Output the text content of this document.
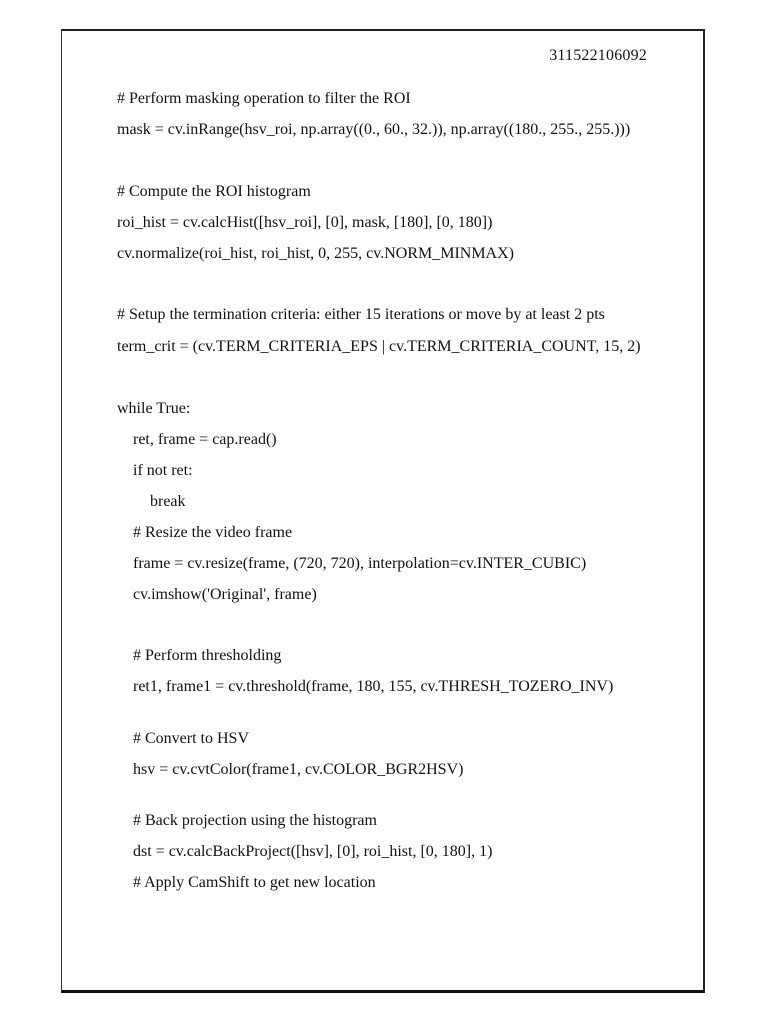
311522106092
# Perform masking operation to filter the ROI
mask = cv.inRange(hsv_roi, np.array((0., 60., 32.)), np.array((180., 255., 255.)))
# Compute the ROI histogram
roi_hist = cv.calcHist([hsv_roi], [0], mask, [180], [0, 180])
cv.normalize(roi_hist, roi_hist, 0, 255, cv.NORM_MINMAX)
# Setup the termination criteria: either 15 iterations or move by at least 2 pts
term_crit = (cv.TERM_CRITERIA_EPS | cv.TERM_CRITERIA_COUNT, 15, 2)
while True:
ret, frame = cap.read()
if not ret:
break
# Resize the video frame
frame = cv.resize(frame, (720, 720), interpolation=cv.INTER_CUBIC)
cv.imshow('Original', frame)
# Perform thresholding
ret1, frame1 = cv.threshold(frame, 180, 155, cv.THRESH_TOZERO_INV)
# Convert to HSV
hsv = cv.cvtColor(frame1, cv.COLOR_BGR2HSV)
# Back projection using the histogram
dst = cv.calcBackProject([hsv], [0], roi_hist, [0, 180], 1)
# Apply CamShift to get new location
